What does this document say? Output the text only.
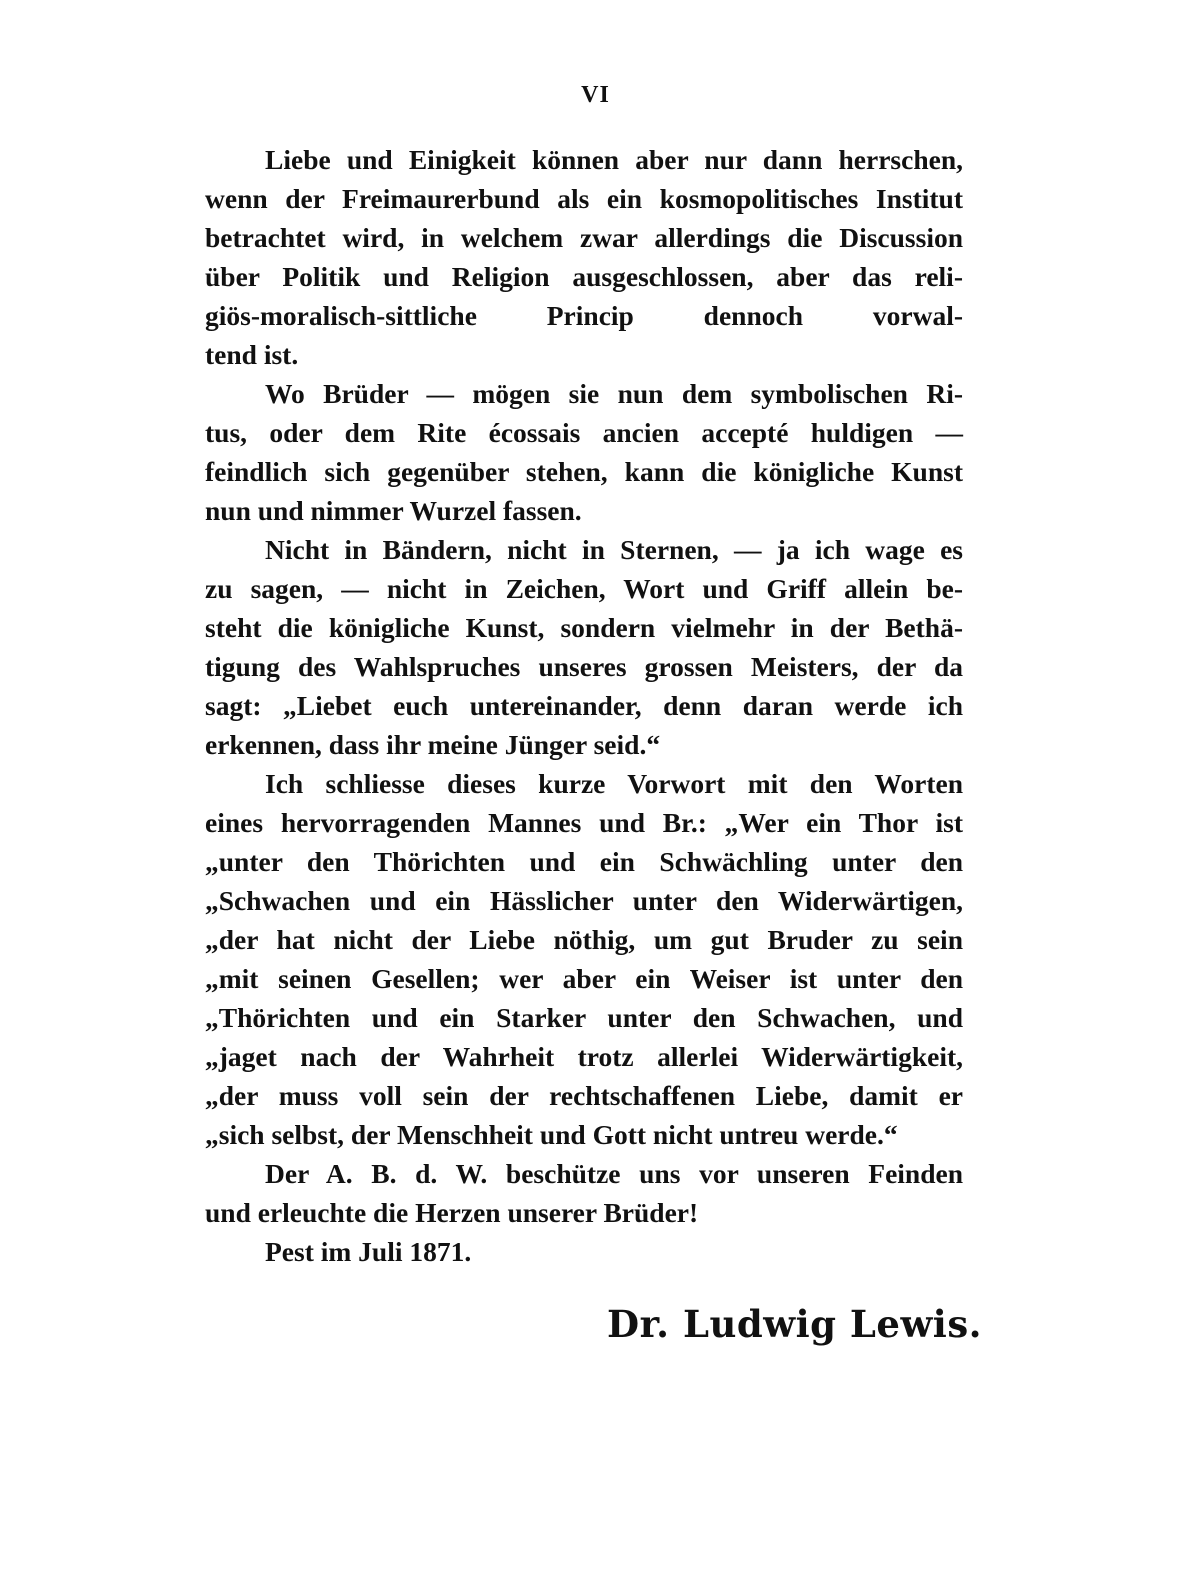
VI
Liebe und Einigkeit können aber nur dann herrschen,
wenn der Freimaurerbund als ein kosmopolitisches Institut
betrachtet wird, in welchem zwar allerdings die Discussion
über Politik und Religion ausgeschlossen, aber das reli-
giös-moralisch-sittliche Princip dennoch vorwal-
tend ist.
Wo Brüder — mögen sie nun dem symbolischen Ri-
tus, oder dem Rite écossais ancien accepté huldigen —
feindlich sich gegenüber stehen, kann die königliche Kunst
nun und nimmer Wurzel fassen.
Nicht in Bändern, nicht in Sternen, — ja ich wage es
zu sagen, — nicht in Zeichen, Wort und Griff allein be-
steht die königliche Kunst, sondern vielmehr in der Bethä-
tigung des Wahlspruches unseres grossen Meisters, der da
sagt: „Liebet euch untereinander, denn daran werde ich
erkennen, dass ihr meine Jünger seid.“
Ich schliesse dieses kurze Vorwort mit den Worten
eines hervorragenden Mannes und Br.: „Wer ein Thor ist
„unter den Thörichten und ein Schwächling unter den
„Schwachen und ein Hässlicher unter den Widerwärtigen,
„der hat nicht der Liebe nöthig, um gut Bruder zu sein
„mit seinen Gesellen; wer aber ein Weiser ist unter den
„Thörichten und ein Starker unter den Schwachen, und
„jaget nach der Wahrheit trotz allerlei Widerwärtigkeit,
„der muss voll sein der rechtschaffenen Liebe, damit er
„sich selbst, der Menschheit und Gott nicht untreu werde.“
Der A. B. d. W. beschütze uns vor unseren Feinden
und erleuchte die Herzen unserer Brüder!
Pest im Juli 1871.
Dr. Ludwig Lewis.
